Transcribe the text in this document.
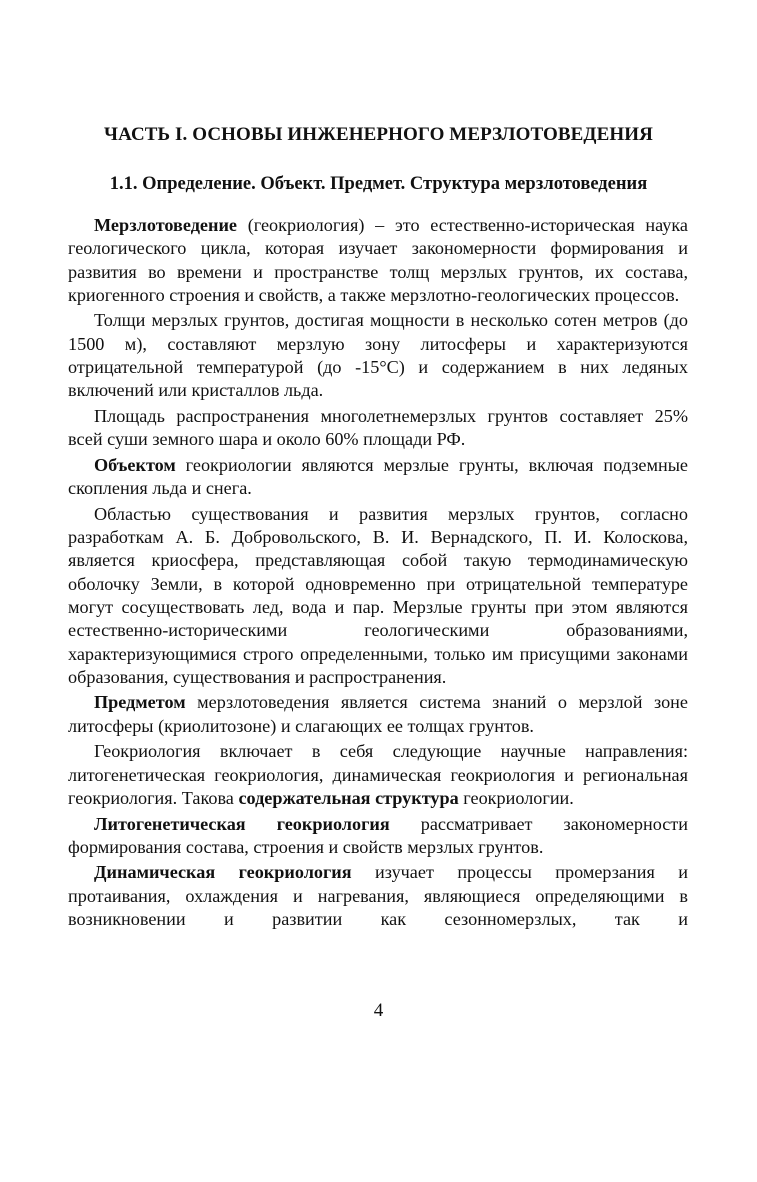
ЧАСТЬ I. ОСНОВЫ ИНЖЕНЕРНОГО МЕРЗЛОТОВЕДЕНИЯ
1.1. Определение. Объект. Предмет. Структура мерзлотоведения

Мерзлотоведение (геокриология) – это естественно-историческая наука геологического цикла, которая изучает закономерности формирования и развития во времени и пространстве толщ мерзлых грунтов, их состава, криогенного строения и свойств, а также мерзлотно-геологических процессов.

Толщи мерзлых грунтов, достигая мощности в несколько сотен метров (до 1500 м), составляют мерзлую зону литосферы и характеризуются отрицательной температурой (до -15°С) и содержанием в них ледяных включений или кристаллов льда.

Площадь распространения многолетнемерзлых грунтов составляет 25% всей суши земного шара и около 60% площади РФ.

Объектом геокриологии являются мерзлые грунты, включая подземные скопления льда и снега.

Областью существования и развития мерзлых грунтов, согласно разработкам А. Б. Добровольского, В. И. Вернадского, П. И. Колоскова, является криосфера, представляющая собой такую термодинамическую оболочку Земли, в которой одновременно при отрицательной температуре могут сосуществовать лед, вода и пар. Мерзлые грунты при этом являются естественно-историческими геологическими образованиями, характеризующимися строго определенными, только им присущими законами образования, существования и распространения.

Предметом мерзлотоведения является система знаний о мерзлой зоне литосферы (криолитозоне) и слагающих ее толщах грунтов.

Геокриология включает в себя следующие научные направления: литогенетическая геокриология, динамическая геокриология и региональная геокриология. Такова содержательная структура геокриологии.

Литогенетическая геокриология рассматривает закономерности формирования состава, строения и свойств мерзлых грунтов.

Динамическая геокриология изучает процессы промерзания и протаивания, охлаждения и нагревания, являющиеся определяющими в возникновении и развитии как сезонномерзлых, так и

4
